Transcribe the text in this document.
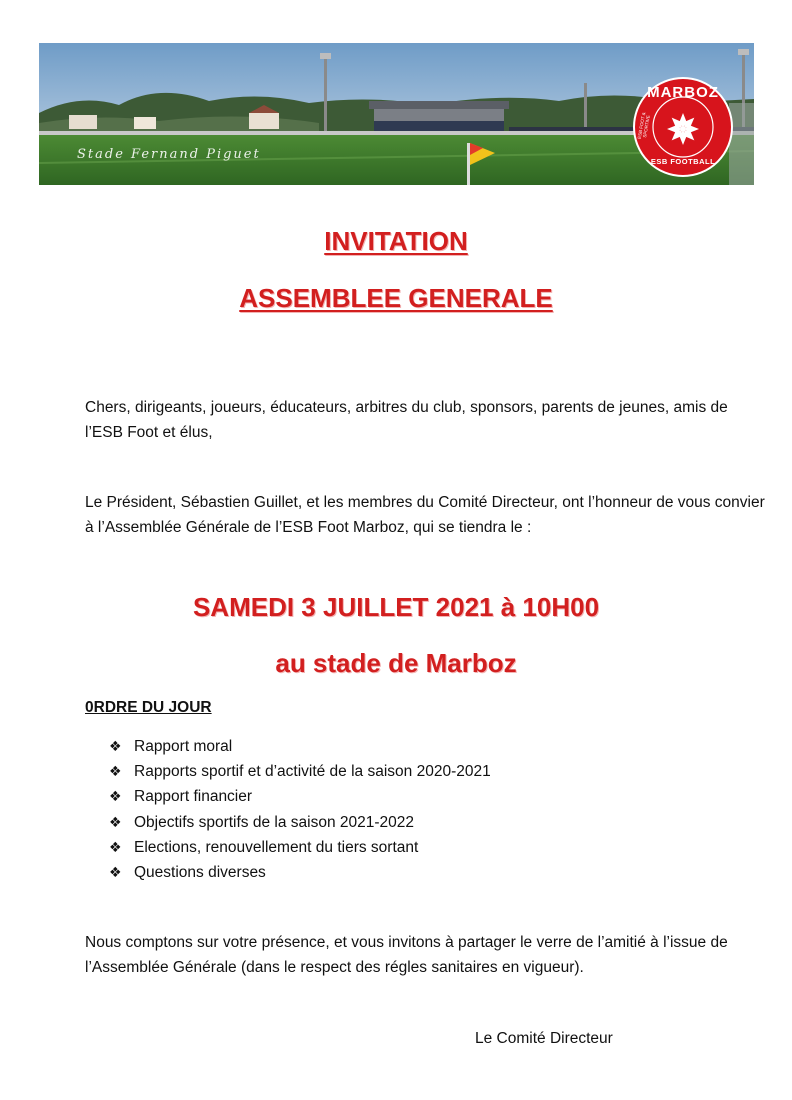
Stade Fernand Piguet
MARBOZ
ESB FOOT & SPORTIVE
ESB FOOTBALL
INVITATION
ASSEMBLEE GENERALE

Chers, dirigeants, joueurs, éducateurs, arbitres du club, sponsors, parents de jeunes, amis de l’ESB Foot et élus,

Le Président, Sébastien Guillet, et les membres du Comité Directeur, ont l’honneur de vous convier à l’Assemblée Générale de l’ESB Foot Marboz, qui se tiendra le :

SAMEDI 3 JUILLET 2021 à 10H00

au stade de Marboz

0RDRE DU JOUR

❖ Rapport moral
❖ Rapports sportif et d’activité de la saison 2020-2021
❖ Rapport financier
❖ Objectifs sportifs de la saison 2021-2022
❖ Elections, renouvellement du tiers sortant
❖ Questions diverses

Nous comptons sur votre présence, et vous invitons à partager le verre de l’amitié à l’issue de l’Assemblée Générale (dans le respect des régles sanitaires en vigueur).

Le Comité Directeur
